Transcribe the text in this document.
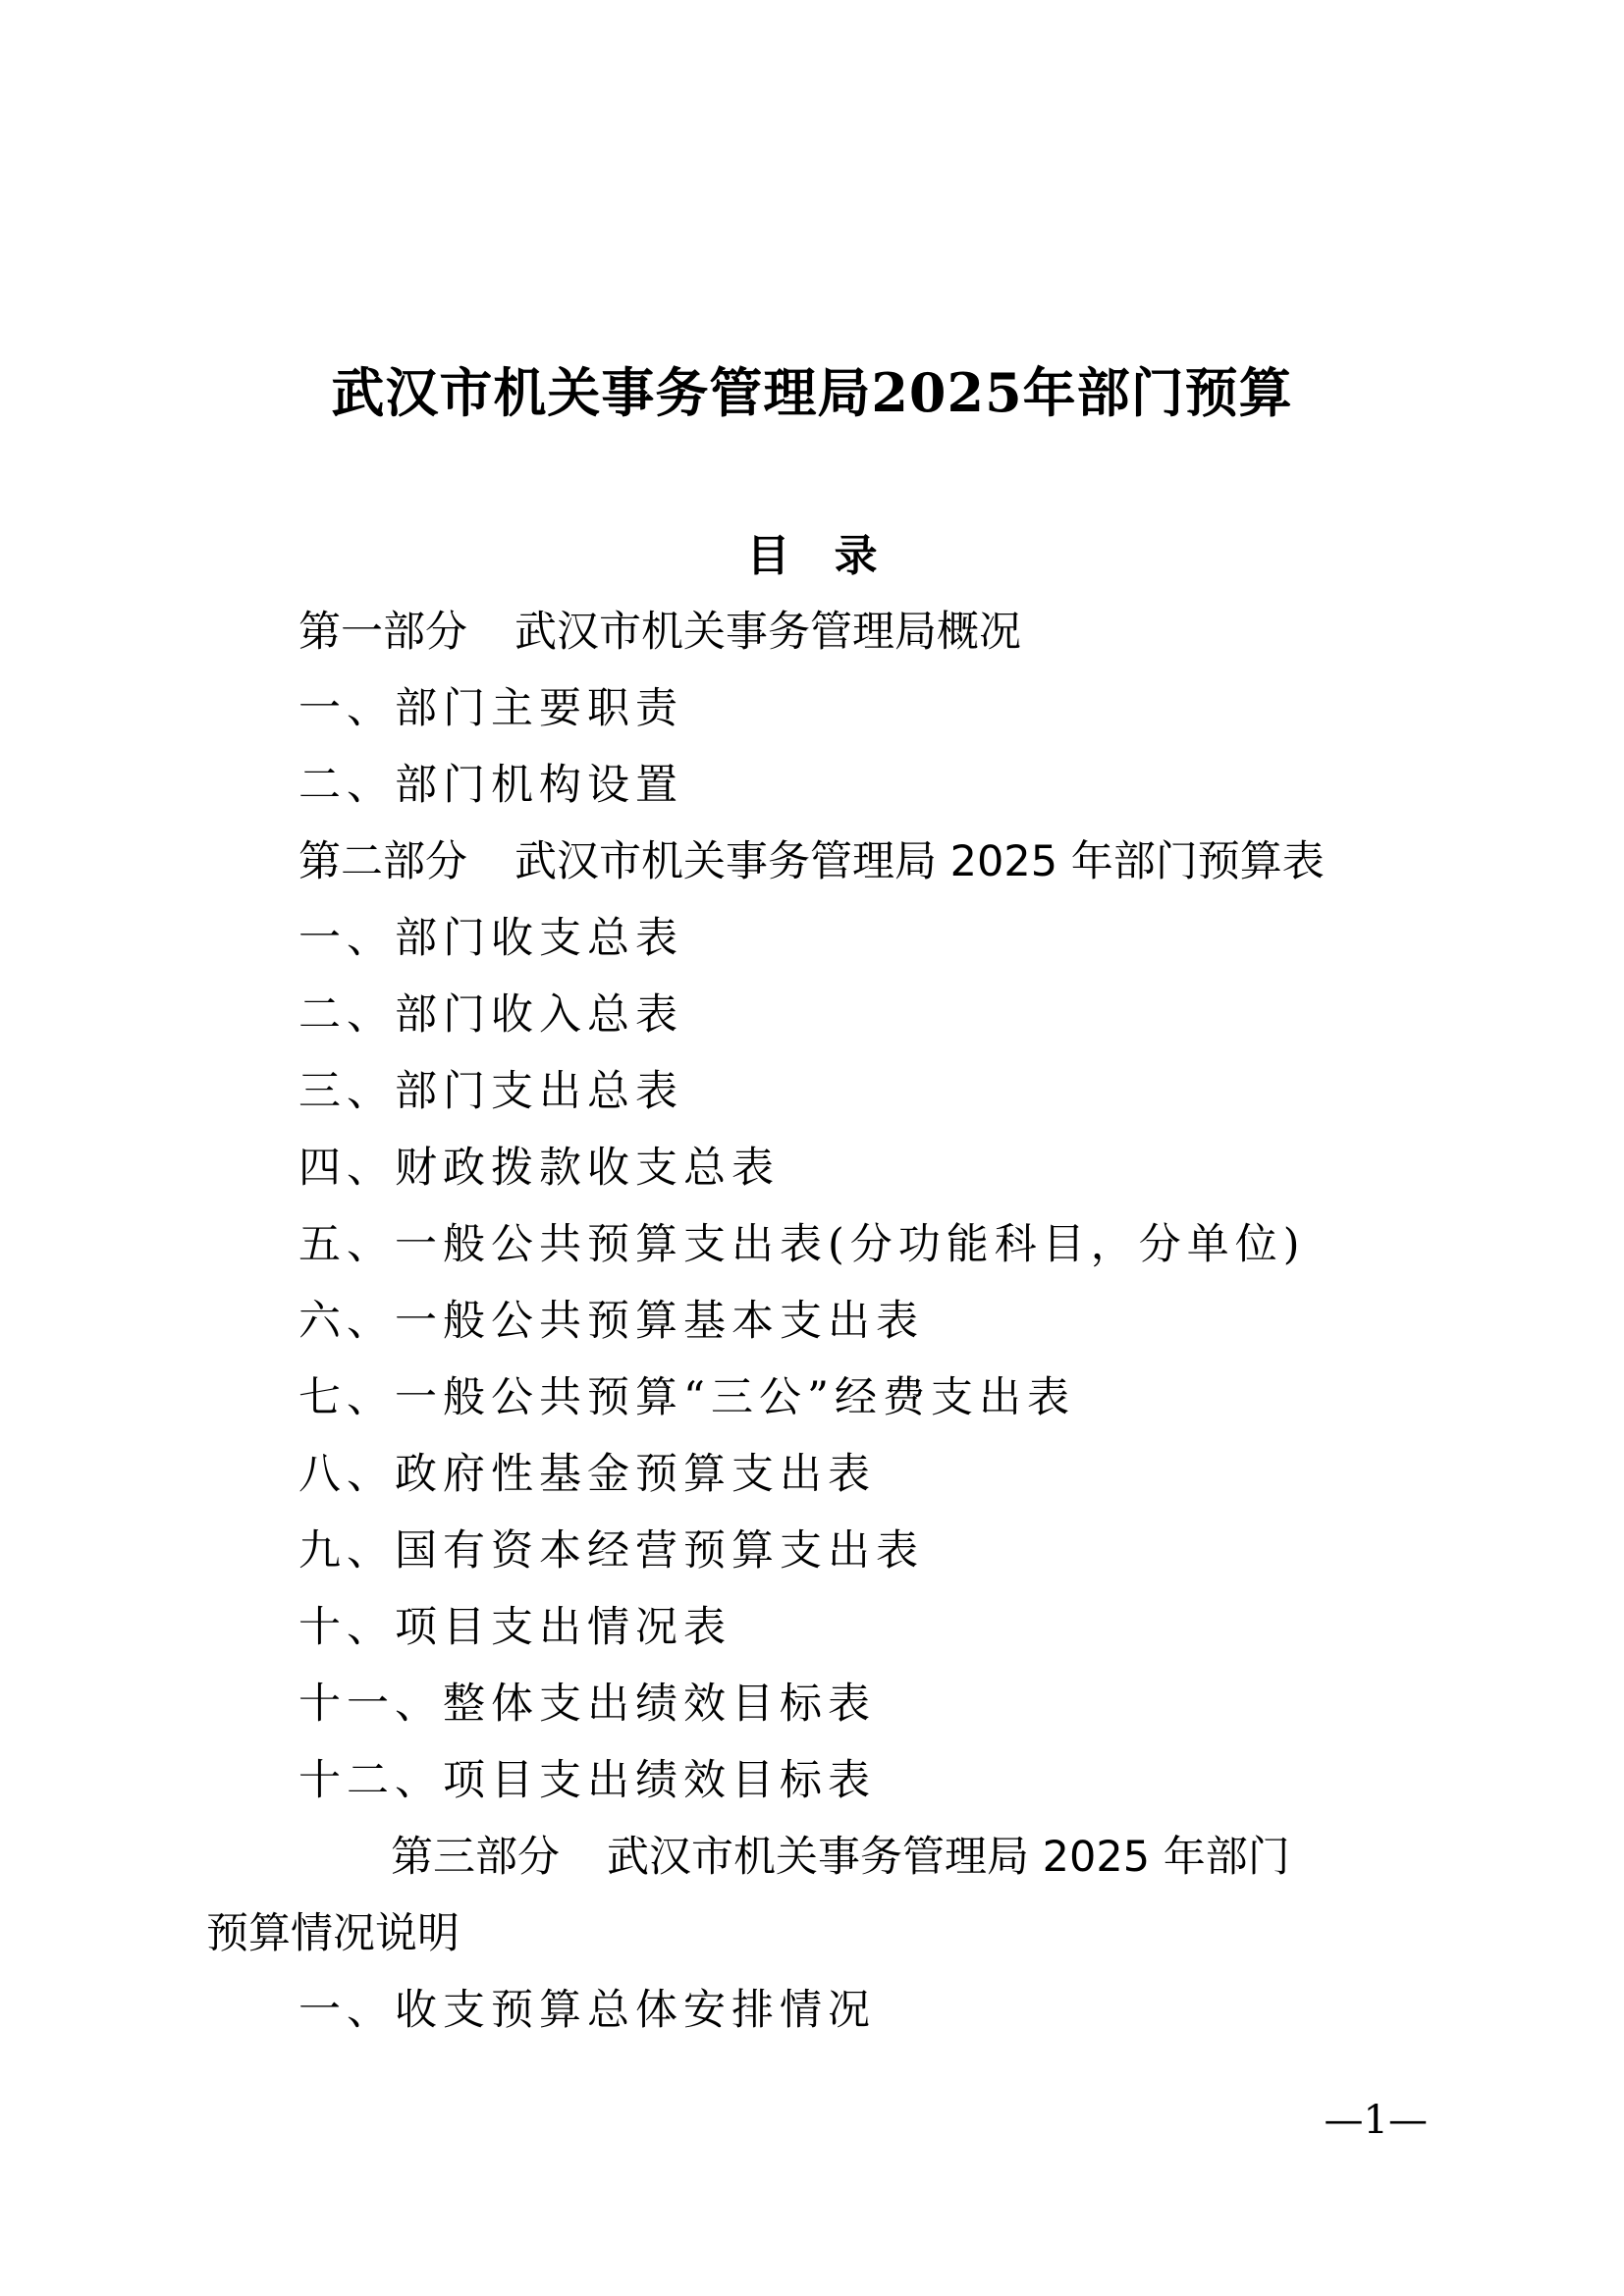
武汉市机关事务管理局2025年部门预算
目 录
第一部分 武汉市机关事务管理局概况
一、部门主要职责
二、部门机构设置
第二部分 武汉市机关事务管理局 2025 年部门预算表
一、部门收支总表
二、部门收入总表
三、部门支出总表
四、财政拨款收支总表
五、一般公共预算支出表(分功能科目，分单位)
六、一般公共预算基本支出表
七、一般公共预算“三公”经费支出表
八、政府性基金预算支出表
九、国有资本经营预算支出表
十、项目支出情况表
十一、整体支出绩效目标表
十二、项目支出绩效目标表
第三部分 武汉市机关事务管理局 2025 年部门预算情况说明
一、收支预算总体安排情况

—1—
